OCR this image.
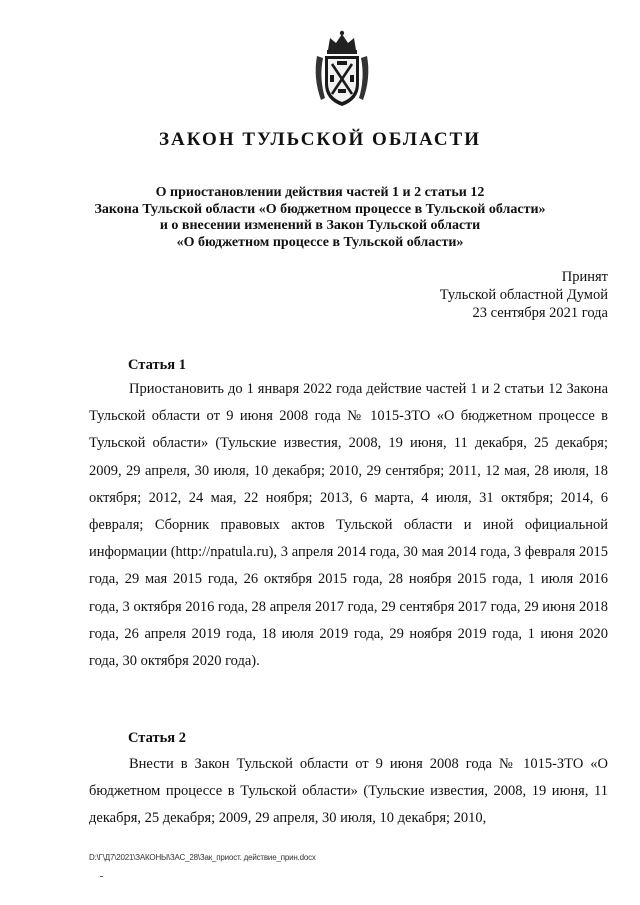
ЗАКОН ТУЛЬСКОЙ ОБЛАСТИ
О приостановлении действия частей 1 и 2 статьи 12
Закона Тульской области «О бюджетном процессе в Тульской области»
и о внесении изменений в Закон Тульской области
«О бюджетном процессе в Тульской области»
Принят
Тульской областной Думой
23 сентября 2021 года
Статья 1

Приостановить до 1 января 2022 года действие частей 1 и 2 статьи 12 Закона Тульской области от 9 июня 2008 года № 1015-ЗТО «О бюджетном процессе в Тульской области» (Тульские известия, 2008, 19 июня, 11 декабря, 25 декабря; 2009, 29 апреля, 30 июля, 10 декабря; 2010, 29 сентября; 2011, 12 мая, 28 июля, 18 октября; 2012, 24 мая, 22 ноября; 2013, 6 марта, 4 июля, 31 октября; 2014, 6 февраля; Сборник правовых актов Тульской области и иной официальной информации (http://npatula.ru), 3 апреля 2014 года, 30 мая 2014 года, 3 февраля 2015 года, 29 мая 2015 года, 26 октября 2015 года, 28 ноября 2015 года, 1 июля 2016 года, 3 октября 2016 года, 28 апреля 2017 года, 29 сентября 2017 года, 29 июня 2018 года, 26 апреля 2019 года, 18 июля 2019 года, 29 ноября 2019 года, 1 июня 2020 года, 30 октября 2020 года).

Статья 2

Внести в Закон Тульской области от 9 июня 2008 года № 1015-ЗТО «О бюджетном процессе в Тульской области» (Тульские известия, 2008, 19 июня, 11 декабря, 25 декабря; 2009, 29 апреля, 30 июля, 10 декабря; 2010,

D:\Г\Д7\2021\ЗАКОНЫ\ЗАС_28\Зак_приост. действие_прин.docx
